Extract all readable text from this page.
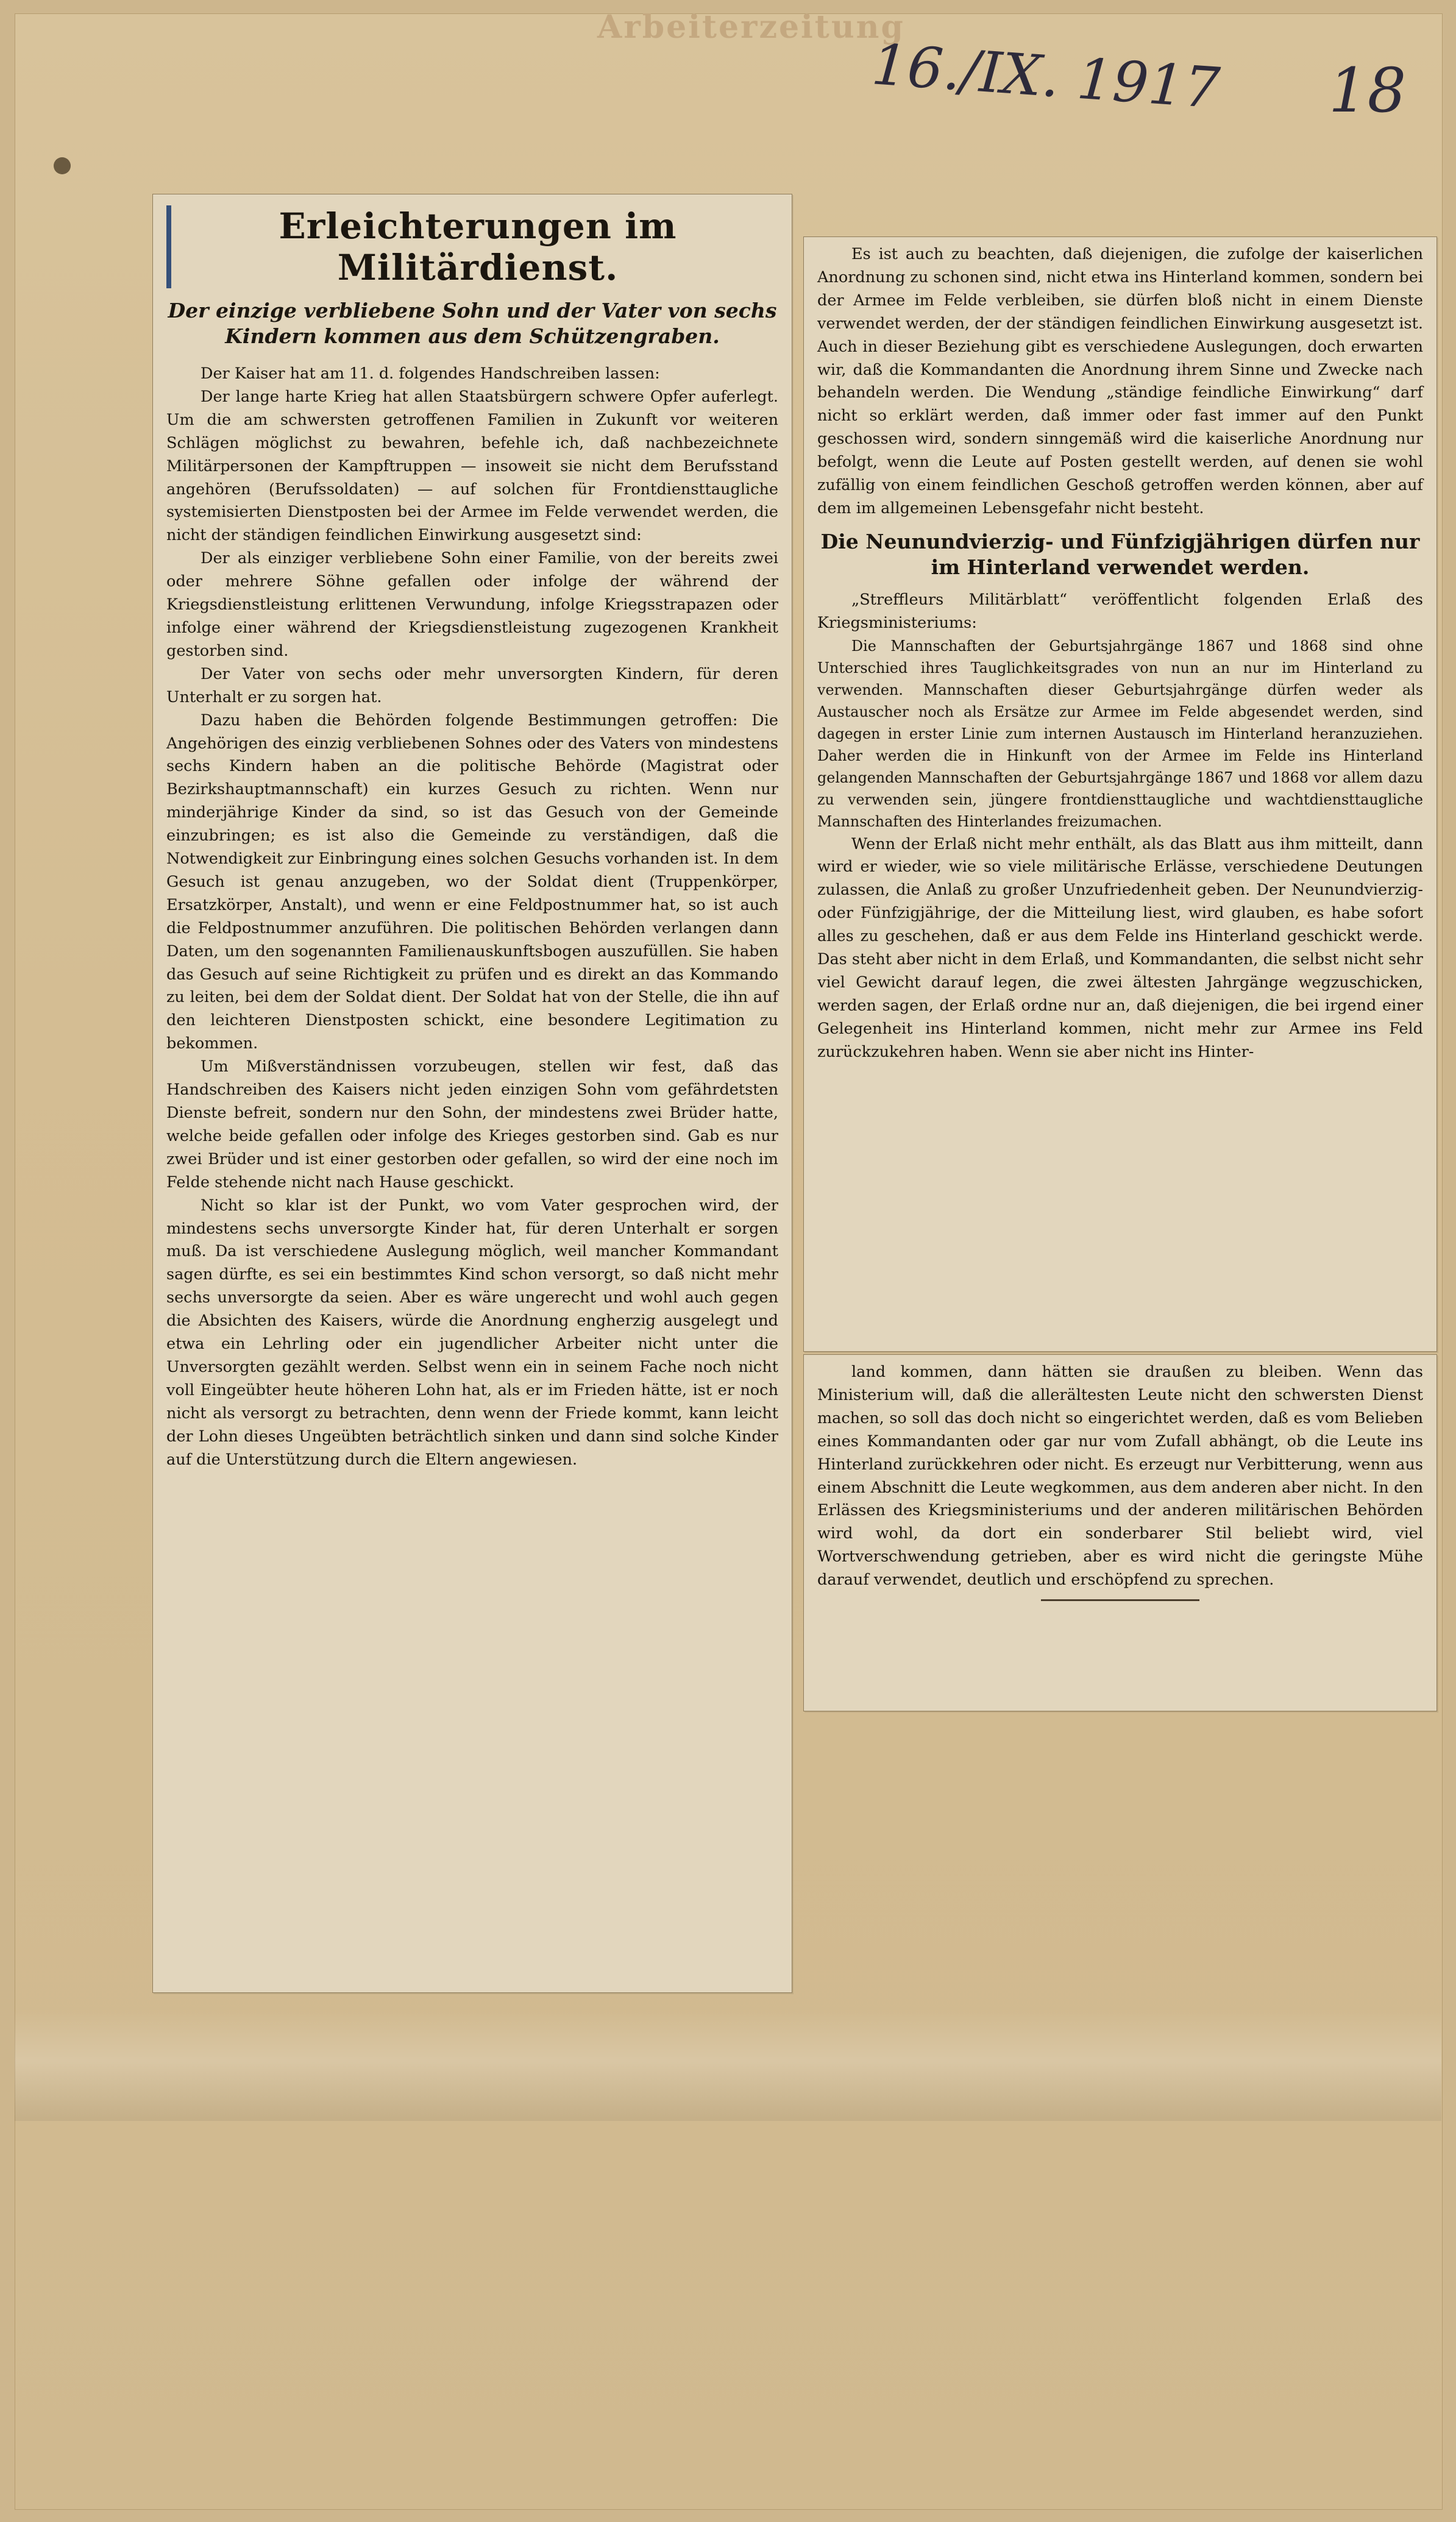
Arbeiterzeitung
16./IX. 1917 18
Erleichterungen im Militärdienst.
Der einzige verbliebene Sohn und der Vater von sechs Kindern kommen aus dem Schützengraben.

Der Kaiser hat am 11. d. folgendes Handschreiben lassen:

Der lange harte Krieg hat allen Staatsbürgern schwere Opfer auferlegt. Um die am schwersten getroffenen Familien in Zukunft vor weiteren Schlägen möglichst zu bewahren, befehle ich, daß nachbezeichnete Militärpersonen der Kampftruppen — insoweit sie nicht dem Berufsstand angehören (Berufssoldaten) — auf solchen für Frontdiensttaugliche systemisierten Dienstposten bei der Armee im Felde verwendet werden, die nicht der ständigen feindlichen Einwirkung ausgesetzt sind:

Der als einziger verbliebene Sohn einer Familie, von der bereits zwei oder mehrere Söhne gefallen oder infolge der während der Kriegsdienstleistung erlittenen Verwundung, infolge Kriegsstrapazen oder infolge einer während der Kriegsdienstleistung zugezogenen Krankheit gestorben sind.

Der Vater von sechs oder mehr unversorgten Kindern, für deren Unterhalt er zu sorgen hat.

Dazu haben die Behörden folgende Bestimmungen getroffen: Die Angehörigen des einzig verbliebenen Sohnes oder des Vaters von mindestens sechs Kindern haben an die politische Behörde (Magistrat oder Bezirkshauptmannschaft) ein kurzes Gesuch zu richten. Wenn nur minderjährige Kinder da sind, so ist das Gesuch von der Gemeinde einzubringen; es ist also die Gemeinde zu verständigen, daß die Notwendigkeit zur Einbringung eines solchen Gesuchs vorhanden ist. In dem Gesuch ist genau anzugeben, wo der Soldat dient (Truppenkörper, Ersatzkörper, Anstalt), und wenn er eine Feldpostnummer hat, so ist auch die Feldpostnummer anzuführen. Die politischen Behörden verlangen dann Daten, um den sogenannten Familienauskunftsbogen auszufüllen. Sie haben das Gesuch auf seine Richtigkeit zu prüfen und es direkt an das Kommando zu leiten, bei dem der Soldat dient. Der Soldat hat von der Stelle, die ihn auf den leichteren Dienstposten schickt, eine besondere Legitimation zu bekommen.

Um Mißverständnissen vorzubeugen, stellen wir fest, daß das Handschreiben des Kaisers nicht jeden einzigen Sohn vom gefährdetsten Dienste befreit, sondern nur den Sohn, der mindestens zwei Brüder hatte, welche beide gefallen oder infolge des Krieges gestorben sind. Gab es nur zwei Brüder und ist einer gestorben oder gefallen, so wird der eine noch im Felde stehende nicht nach Hause geschickt.

Nicht so klar ist der Punkt, wo vom Vater gesprochen wird, der mindestens sechs unversorgte Kinder hat, für deren Unterhalt er sorgen muß. Da ist verschiedene Auslegung möglich, weil mancher Kommandant sagen dürfte, es sei ein bestimmtes Kind schon versorgt, so daß nicht mehr sechs unversorgte da seien. Aber es wäre ungerecht und wohl auch gegen die Absichten des Kaisers, würde die Anordnung engherzig ausgelegt und etwa ein Lehrling oder ein jugendlicher Arbeiter nicht unter die Unversorgten gezählt werden. Selbst wenn ein in seinem Fache noch nicht voll Eingeübter heute höheren Lohn hat, als er im Frieden hätte, ist er noch nicht als versorgt zu betrachten, denn wenn der Friede kommt, kann leicht der Lohn dieses Ungeübten beträchtlich sinken und dann sind solche Kinder auf die Unterstützung durch die Eltern angewiesen.

Es ist auch zu beachten, daß diejenigen, die zufolge der kaiserlichen Anordnung zu schonen sind, nicht etwa ins Hinterland kommen, sondern bei der Armee im Felde verbleiben, sie dürfen bloß nicht in einem Dienste verwendet werden, der der ständigen feindlichen Einwirkung ausgesetzt ist. Auch in dieser Beziehung gibt es verschiedene Auslegungen, doch erwarten wir, daß die Kommandanten die Anordnung ihrem Sinne und Zwecke nach behandeln werden. Die Wendung „ständige feindliche Einwirkung“ darf nicht so erklärt werden, daß immer oder fast immer auf den Punkt geschossen wird, sondern sinngemäß wird die kaiserliche Anordnung nur befolgt, wenn die Leute auf Posten gestellt werden, auf denen sie wohl zufällig von einem feindlichen Geschoß getroffen werden können, aber auf dem im allgemeinen Lebensgefahr nicht besteht.

Die Neunundvierzig- und Fünfzigjährigen dürfen nur im Hinterland verwendet werden.

„Streffleurs Militärblatt“ veröffentlicht folgenden Erlaß des Kriegsministeriums:

Die Mannschaften der Geburtsjahrgänge 1867 und 1868 sind ohne Unterschied ihres Tauglichkeitsgrades von nun an nur im Hinterland zu verwenden. Mannschaften dieser Geburtsjahrgänge dürfen weder als Austauscher noch als Ersätze zur Armee im Felde abgesendet werden, sind dagegen in erster Linie zum internen Austausch im Hinterland heranzuziehen. Daher werden die in Hinkunft von der Armee im Felde ins Hinterland gelangenden Mannschaften der Geburtsjahrgänge 1867 und 1868 vor allem dazu zu verwenden sein, jüngere frontdiensttaugliche und wachtdiensttaugliche Mannschaften des Hinterlandes freizumachen.

Wenn der Erlaß nicht mehr enthält, als das Blatt aus ihm mitteilt, dann wird er wieder, wie so viele militärische Erlässe, verschiedene Deutungen zulassen, die Anlaß zu großer Unzufriedenheit geben. Der Neunundvierzig- oder Fünfzigjährige, der die Mitteilung liest, wird glauben, es habe sofort alles zu geschehen, daß er aus dem Felde ins Hinterland geschickt werde. Das steht aber nicht in dem Erlaß, und Kommandanten, die selbst nicht sehr viel Gewicht darauf legen, die zwei ältesten Jahrgänge wegzuschicken, werden sagen, der Erlaß ordne nur an, daß diejenigen, die bei irgend einer Gelegenheit ins Hinterland kommen, nicht mehr zur Armee ins Feld zurückzukehren haben. Wenn sie aber nicht ins Hinter-

land kommen, dann hätten sie draußen zu bleiben. Wenn das Ministerium will, daß die allerältesten Leute nicht den schwersten Dienst machen, so soll das doch nicht so eingerichtet werden, daß es vom Belieben eines Kommandanten oder gar nur vom Zufall abhängt, ob die Leute ins Hinterland zurückkehren oder nicht. Es erzeugt nur Verbitterung, wenn aus einem Abschnitt die Leute wegkommen, aus dem anderen aber nicht. In den Erlässen des Kriegsministeriums und der anderen militärischen Behörden wird wohl, da dort ein sonderbarer Stil beliebt wird, viel Wortverschwendung getrieben, aber es wird nicht die geringste Mühe darauf verwendet, deutlich und erschöpfend zu sprechen.
